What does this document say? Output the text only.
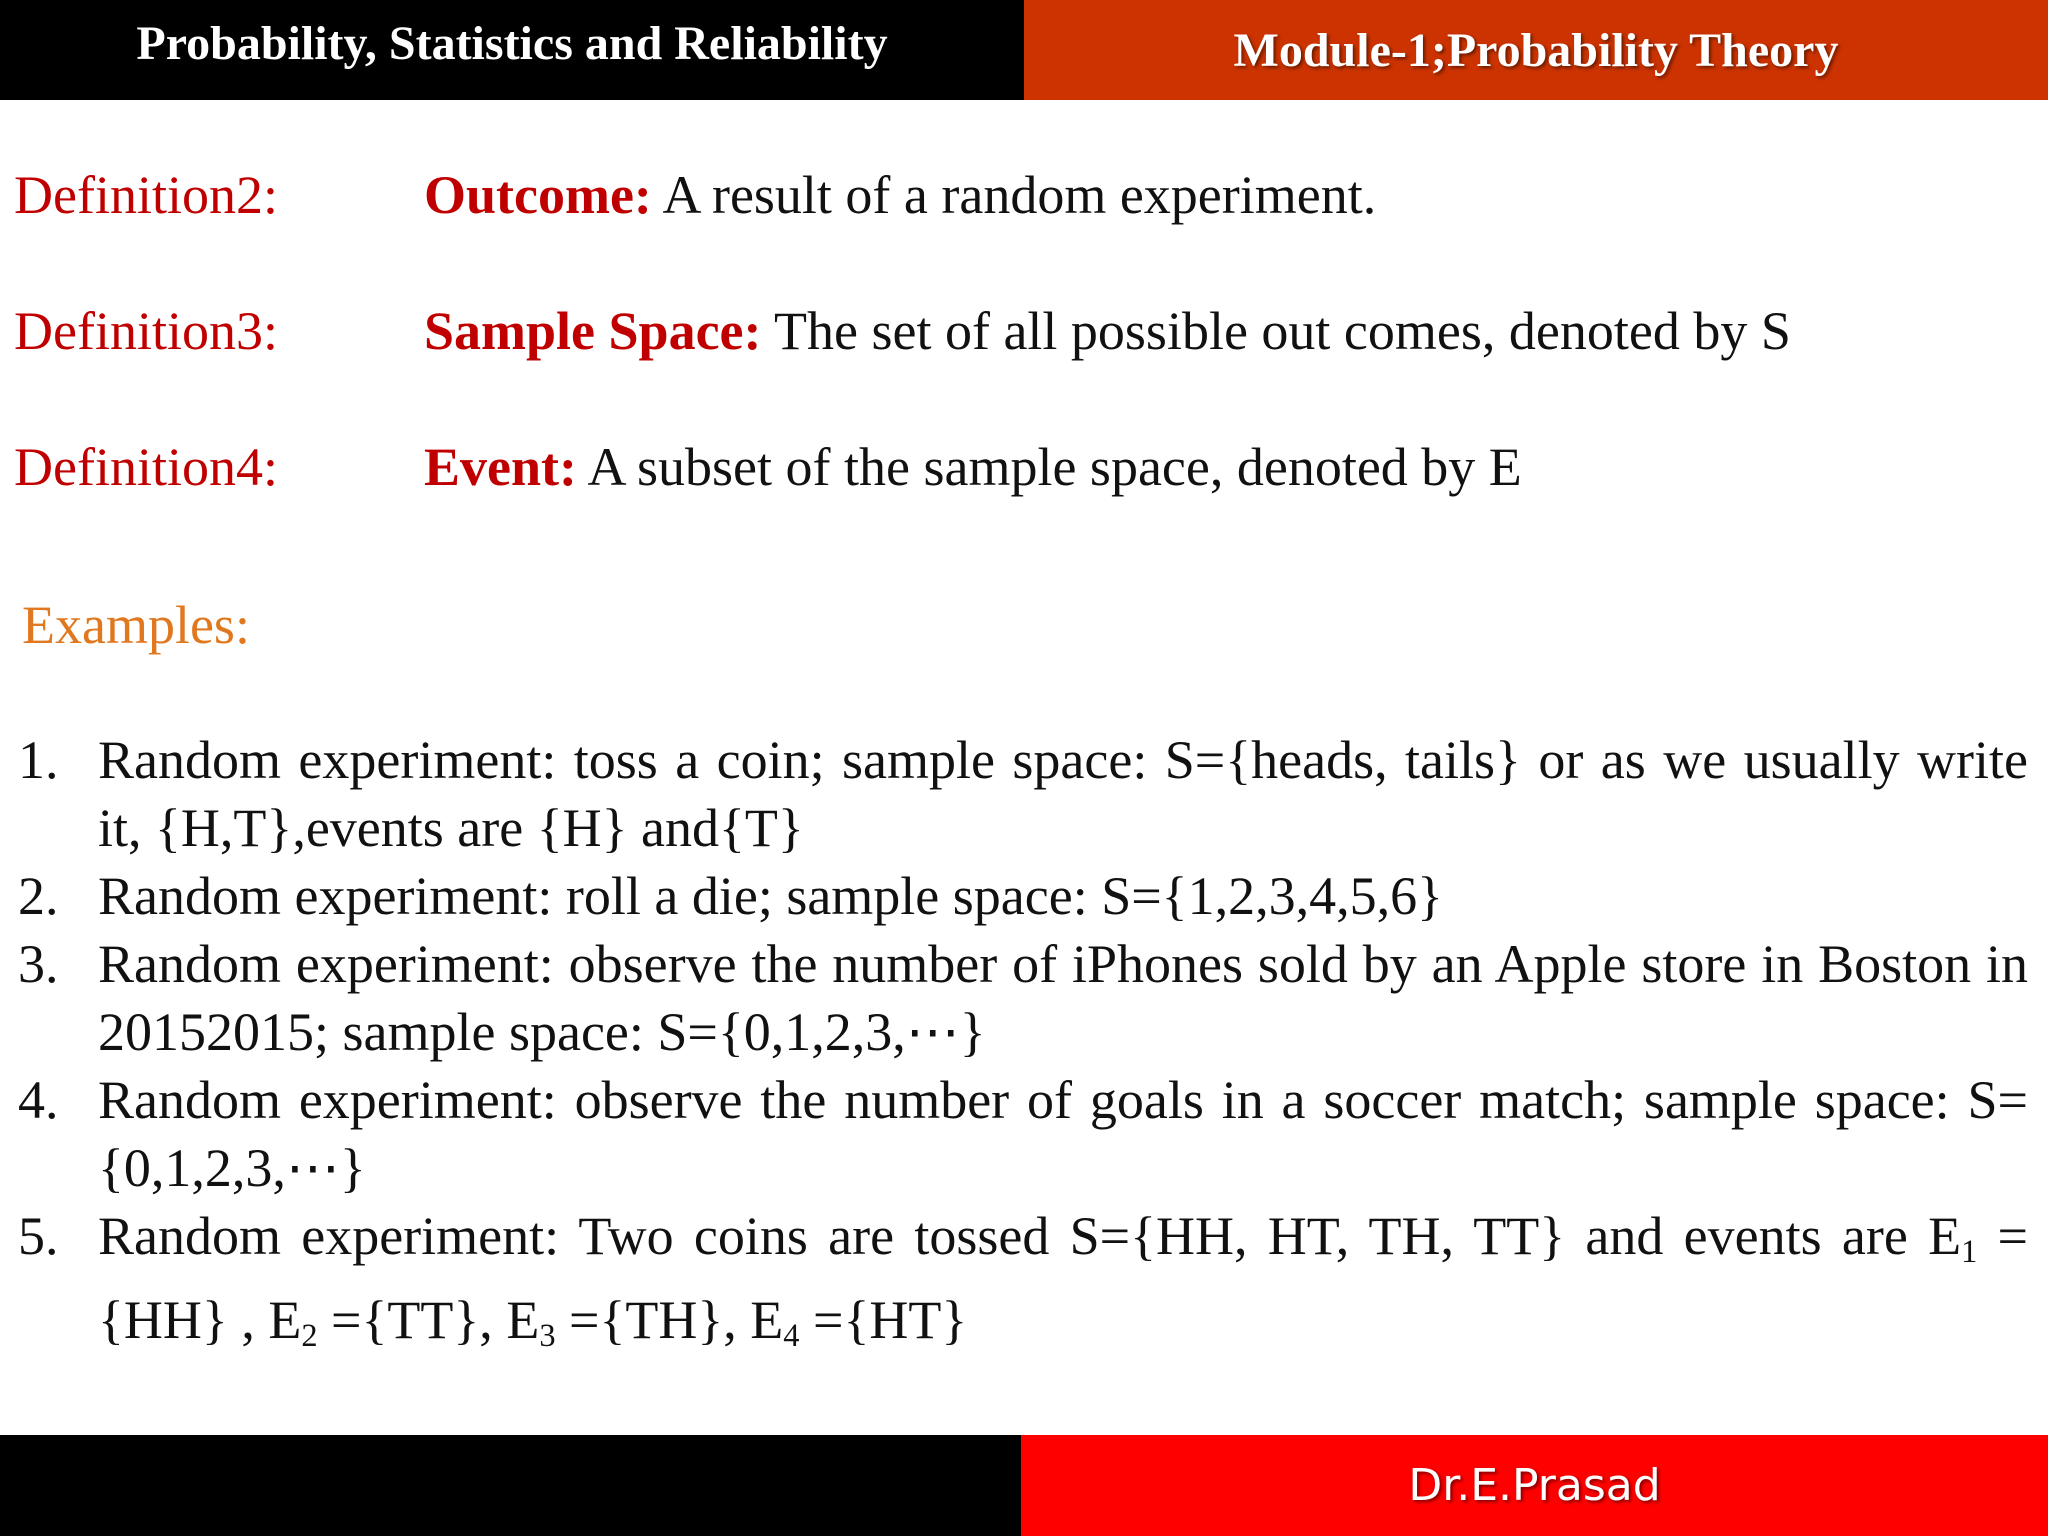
Probability, Statistics and Reliability	Module-1;Probability Theory
Definition2:	Outcome: A result of a random experiment.
Definition3:	Sample Space: The set of all possible out comes, denoted by S
Definition4:	Event: A subset of the sample space, denoted by E
Examples:
1. Random experiment: toss a coin; sample space: S={heads, tails} or as we usually write it, {H,T},events are {H} and{T}
2. Random experiment: roll a die; sample space: S={1,2,3,4,5,6}
3. Random experiment: observe the number of iPhones sold by an Apple store in Boston in 20152015; sample space: S={0,1,2,3,⋯}
4. Random experiment: observe the number of goals in a soccer match; sample space: S={0,1,2,3,⋯}
5. Random experiment: Two coins are tossed S={HH, HT, TH, TT} and events are $E_1 =\{HH\}$ , $E_2 =\{TT\}$, $E_3 =\{TH\}$, $E_4 =\{HT\}$
Dr.E.Prasad
